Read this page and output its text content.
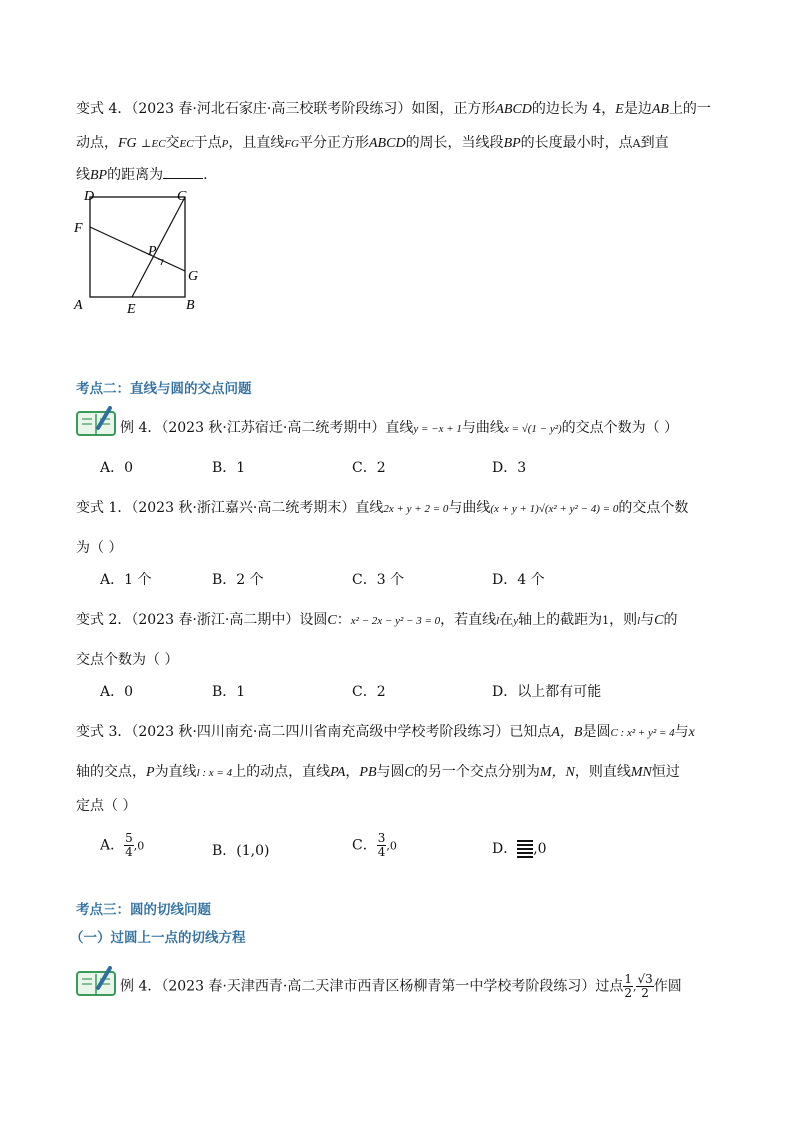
变式 4．（2023 春·河北石家庄·高三校联考阶段练习）如图，正方形ABCD的边长为 4，E是边AB上的一
动点，FG ⊥EC交EC于点P，且直线FG平分正方形ABCD的周长，当线段BP的长度最小时，点A到直
线BP的距离为	.
D	C
F
P
G
A	E	B
考点二：直线与圆的交点问题
例 4．（2023 秋·江苏宿迁·高二统考期中）直线y = −x + 1与曲线x = √(1 − y²)的交点个数为（ ）
A．0	B．1	C．2	D．3
变式 1．（2023 秋·浙江嘉兴·高二统考期末）直线2x + y + 2 = 0与曲线(x + y + 1)√(x² + y² − 4) = 0的交点个数
为（ ）
A．1 个	B．2 个	C．3 个	D．4 个
变式 2．（2023 春·浙江·高二期中）设圆C：x² − 2x − y² − 3 = 0，若直线l在y轴上的截距为1，则l与C的
交点个数为（ ）
A．0	B．1	C．2	D．以上都有可能
变式 3．（2023 秋·四川南充·高二四川省南充高级中学校考阶段练习）已知点A，B是圆C : x² + y² = 4与x
轴的交点，P为直线l : x = 4上的动点，直线PA，PB与圆C的另一个交点分别为M，N，则直线MN恒过
定点（ ）
A． $\frac{5}{4} ,0$	B．(1,0)	C． $\frac{3}{4} ,0$	D． ,0
考点三：圆的切线问题
（一）过圆上一点的切线方程
例 4．（2023 春·天津西青·高二天津市西青区杨柳青第一中学校考阶段练习）过点 $\frac{1}{2}$ , $\frac{√3}{2}$ 作圆
